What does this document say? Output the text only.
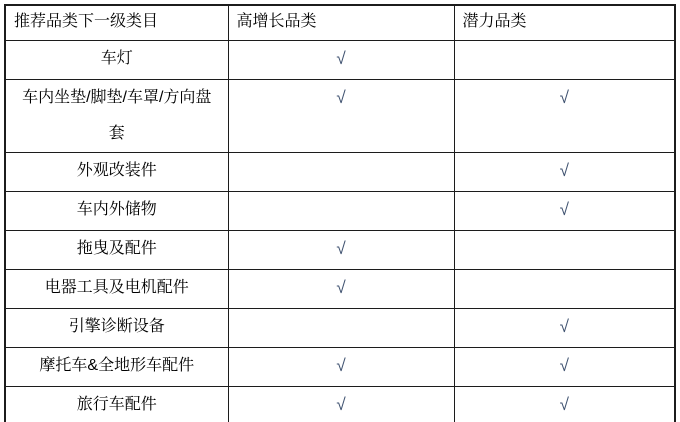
推荐品类下一级类目	高增长品类	潜力品类
车灯	√	
车内坐垫/脚垫/车罩/方向盘套	√	√
外观改装件		√
车内外储物		√
拖曳及配件	√	
电器工具及电机配件	√	
引擎诊断设备		√
摩托车&全地形车配件	√	√
旅行车配件	√	√
